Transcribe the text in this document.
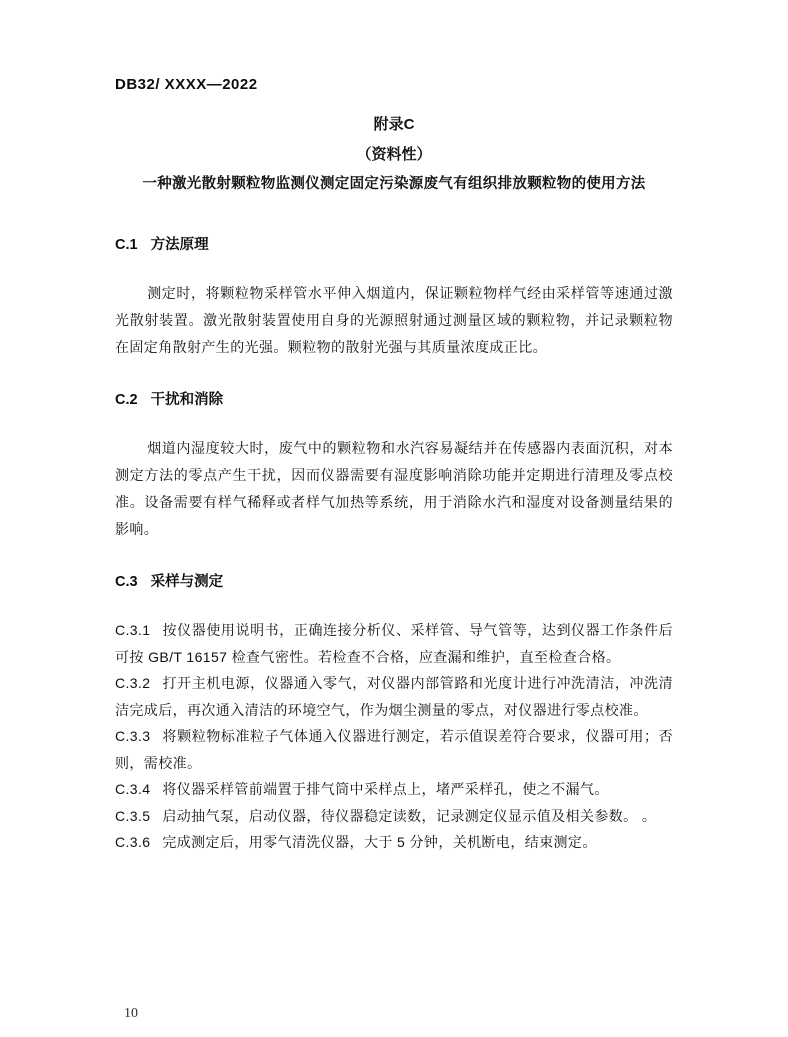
DB32/ XXXX—2022
附录C
（资料性）
一种激光散射颗粒物监测仪测定固定污染源废气有组织排放颗粒物的使用方法
C.1 方法原理

测定时，将颗粒物采样管水平伸入烟道内，保证颗粒物样气经由采样管等速通过激光散射装置。激光散射装置使用自身的光源照射通过测量区域的颗粒物，并记录颗粒物在固定角散射产生的光强。颗粒物的散射光强与其质量浓度成正比。

C.2 干扰和消除

烟道内湿度较大时，废气中的颗粒物和水汽容易凝结并在传感器内表面沉积，对本测定方法的零点产生干扰，因而仪器需要有湿度影响消除功能并定期进行清理及零点校准。设备需要有样气稀释或者样气加热等系统，用于消除水汽和湿度对设备测量结果的影响。

C.3 采样与测定
C.3.1 按仪器使用说明书，正确连接分析仪、采样管、导气管等，达到仪器工作条件后可按 GB/T 16157 检查气密性。若检查不合格，应查漏和维护，直至检查合格。
C.3.2 打开主机电源，仪器通入零气，对仪器内部管路和光度计进行冲洗清洁，冲洗清洁完成后，再次通入清洁的环境空气，作为烟尘测量的零点，对仪器进行零点校准。
C.3.3 将颗粒物标准粒子气体通入仪器进行测定，若示值误差符合要求，仪器可用；否则，需校准。
C.3.4 将仪器采样管前端置于排气筒中采样点上，堵严采样孔，使之不漏气。
C.3.5 启动抽气泵，启动仪器，待仪器稳定读数，记录测定仪显示值及相关参数。 。
C.3.6 完成测定后，用零气清洗仪器，大于 5 分钟，关机断电，结束测定。
10
